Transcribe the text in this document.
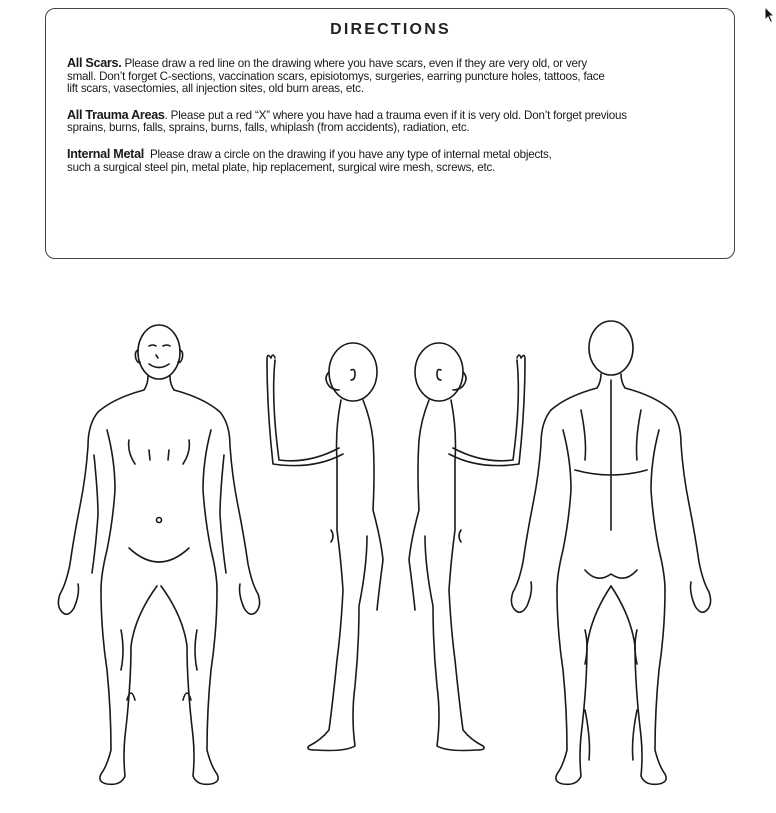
DIRECTIONS
All Scars. Please draw a red line on the drawing where you have scars, even if they are very old, or very
small. Don’t forget C-sections, vaccination scars, episiotomys, surgeries, earring puncture holes, tattoos, face
lift scars, vasectomies, all injection sites, old burn areas, etc.
All Trauma Areas. Please put a red “X” where you have had a trauma even if it is very old. Don’t forget previous
sprains, burns, falls, sprains, burns, falls, whiplash (from accidents), radiation, etc.
Internal Metal  Please draw a circle on the drawing if you have any type of internal metal objects,
such a surgical steel pin, metal plate, hip replacement, surgical wire mesh, screws, etc.
